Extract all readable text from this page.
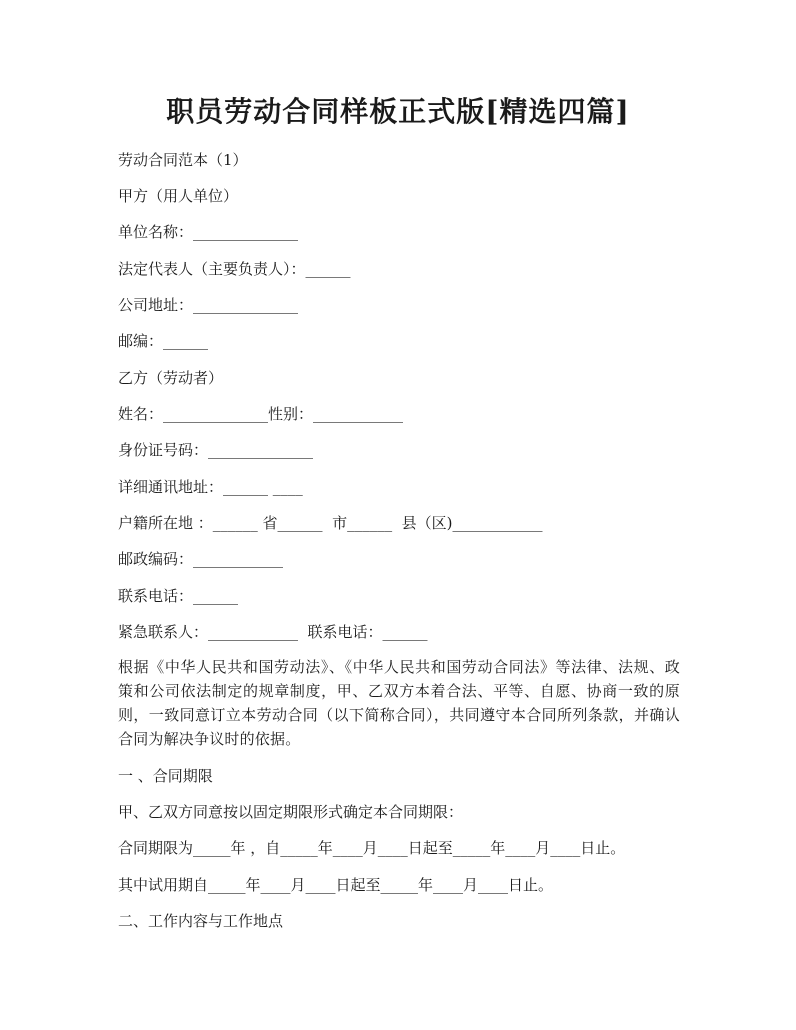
职员劳动合同样板正式版[精选四篇]

劳动合同范本（1）

甲方（用人单位）

单位名称：______________

法定代表人（主要负责人）：______

公司地址：______________

邮编：______

乙方（劳动者）

姓名：______________性别：____________

身份证号码：______________

详细通讯地址：______ ____

户籍所在地 ：______ 省______  市______  县（区)____________

邮政编码：____________

联系电话：______

紧急联系人：____________  联系电话：______

根据《中华人民共和国劳动法》、《中华人民共和国劳动合同法》等法律、法规、政策和公司依法制定的规章制度，甲、乙双方本着合法、平等、自愿、协商一致的原则，一致同意订立本劳动合同（以下简称合同），共同遵守本合同所列条款，并确认合同为解决争议时的依据。

一 、合同期限

甲、乙双方同意按以固定期限形式确定本合同期限：

合同期限为_____年 ，自_____年____月____日起至_____年____月____日止。

其中试用期自_____年____月____日起至_____年____月____日止。

二、工作内容与工作地点
